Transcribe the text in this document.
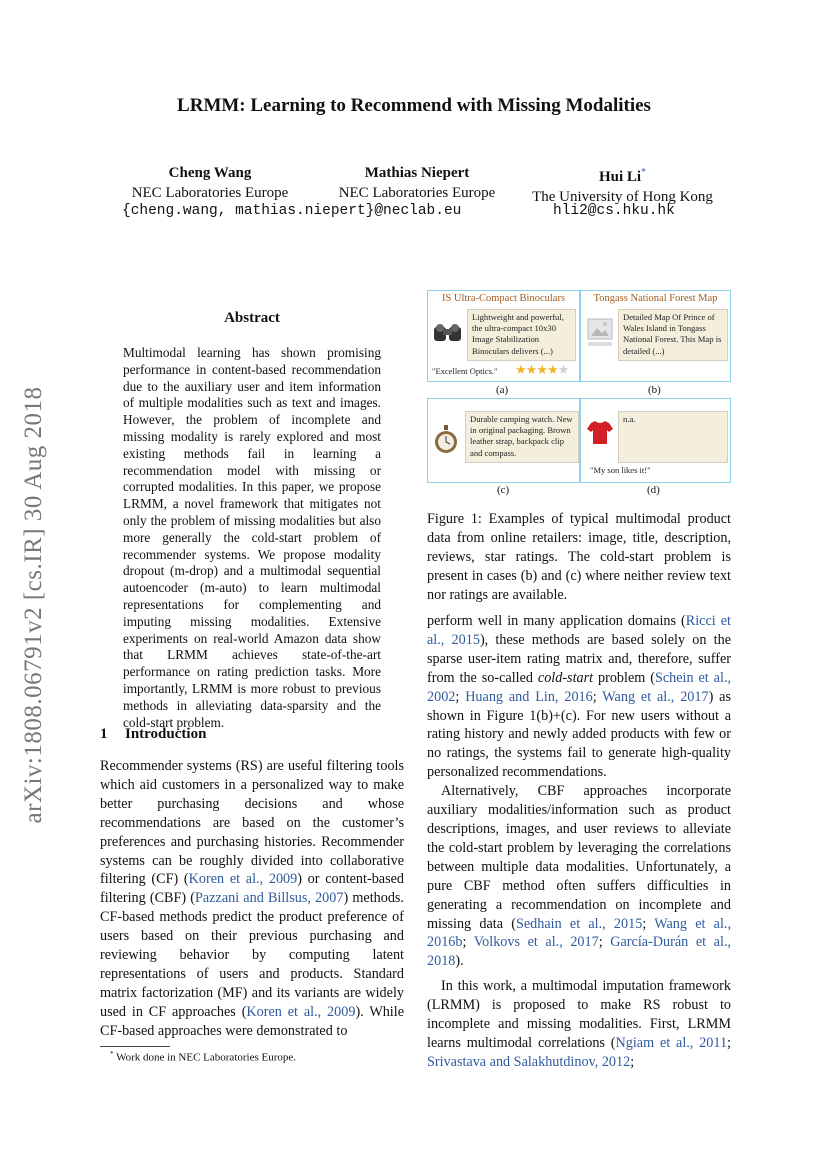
arXiv:1808.06791v2 [cs.IR] 30 Aug 2018
LRMM: Learning to Recommend with Missing Modalities
Cheng Wang
NEC Laboratories Europe
Mathias Niepert
NEC Laboratories Europe
Hui Li*
The University of Hong Kong
{cheng.wang, mathias.niepert}@neclab.eu	hli2@cs.hku.hk
Abstract
Multimodal learning has shown promising performance in content-based recommendation due to the auxiliary user and item information of multiple modalities such as text and images. However, the problem of incomplete and missing modality is rarely explored and most existing methods fail in learning a recommendation model with missing or corrupted modalities. In this paper, we propose LRMM, a novel framework that mitigates not only the problem of missing modalities but also more generally the cold-start problem of recommender systems. We propose modality dropout (m-drop) and a multimodal sequential autoencoder (m-auto) to learn multimodal representations for complementing and imputing missing modalities. Extensive experiments on real-world Amazon data show that LRMM achieves state-of-the-art performance on rating prediction tasks. More importantly, LRMM is more robust to previous methods in alleviating data-sparsity and the cold-start problem.
1 Introduction

Recommender systems (RS) are useful filtering tools which aid customers in a personalized way to make better purchasing decisions and whose recommendations are based on the customer’s preferences and purchasing histories. Recommender systems can be roughly divided into collaborative filtering (CF) (Koren et al., 2009) or content-based filtering (CBF) (Pazzani and Billsus, 2007) methods. CF-based methods predict the product preference of users based on their previous purchasing and reviewing behavior by computing latent representations of users and products. Standard matrix factorization (MF) and its variants are widely used in CF approaches (Koren et al., 2009). While CF-based approaches were demonstrated to

* Work done in NEC Laboratories Europe.
IS Ultra-Compact Binoculars
Lightweight and powerful, the ultra-compact 10x30 Image Stabilization Binoculars delivers (...)
"Excellent Optics." ★★★★★
(a)
Tongass National Forest Map
Detailed Map Of Prince of Wales Island in Tongass National Forest. This Map is detailed (...)
(b)
Durable camping watch. New in original packaging. Brown leather strap, backpack clip and compass.
(c)
n.a.
"My son likes it!"
(d)
Figure 1: Examples of typical multimodal product data from online retailers: image, title, description, reviews, star ratings. The cold-start problem is present in cases (b) and (c) where neither review text nor ratings are available.

perform well in many application domains (Ricci et al., 2015), these methods are based solely on the sparse user-item rating matrix and, therefore, suffer from the so-called cold-start problem (Schein et al., 2002; Huang and Lin, 2016; Wang et al., 2017) as shown in Figure 1(b)+(c). For new users without a rating history and newly added products with few or no ratings, the systems fail to generate high-quality personalized recommendations.

Alternatively, CBF approaches incorporate auxiliary modalities/information such as product descriptions, images, and user reviews to alleviate the cold-start problem by leveraging the correlations between multiple data modalities. Unfortunately, a pure CBF method often suffers difficulties in generating a recommendation on incomplete and missing data (Sedhain et al., 2015; Wang et al., 2016b; Volkovs et al., 2017; García-Durán et al., 2018).

In this work, a multimodal imputation framework (LRMM) is proposed to make RS robust to incomplete and missing modalities. First, LRMM learns multimodal correlations (Ngiam et al., 2011; Srivastava and Salakhutdinov, 2012;
